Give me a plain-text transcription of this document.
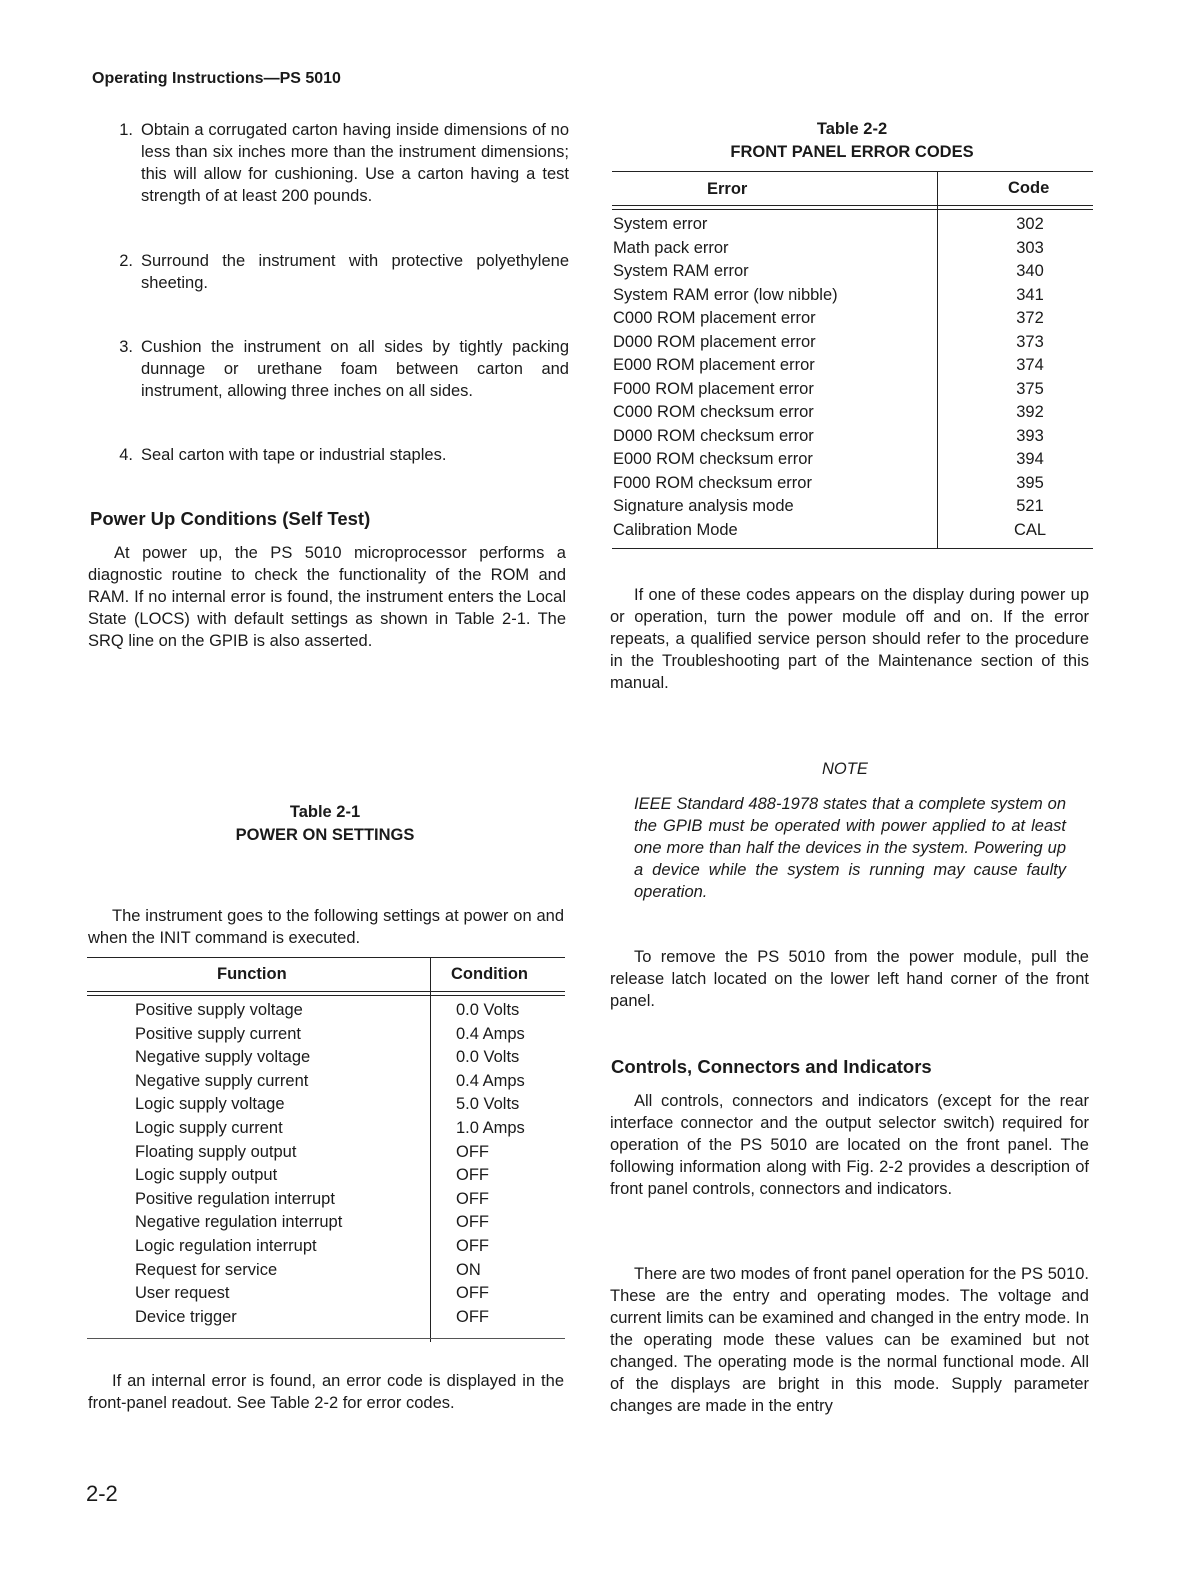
Operating Instructions—PS 5010
1. Obtain a corrugated carton having inside dimensions of no less than six inches more than the instrument dimensions; this will allow for cushioning. Use a carton having a test strength of at least 200 pounds.
2. Surround the instrument with protective polyethylene sheeting.
3. Cushion the instrument on all sides by tightly packing dunnage or urethane foam between carton and instrument, allowing three inches on all sides.
4. Seal carton with tape or industrial staples.
Power Up Conditions (Self Test)
At power up, the PS 5010 microprocessor performs a diagnostic routine to check the functionality of the ROM and RAM. If no internal error is found, the instrument enters the Local State (LOCS) with default settings as shown in Table 2-1. The SRQ line on the GPIB is also asserted.
Table 2-1
POWER ON SETTINGS
The instrument goes to the following settings at power on and when the INIT command is executed.
Function	Condition
Positive supply voltage	0.0 Volts
Positive supply current	0.4 Amps
Negative supply voltage	0.0 Volts
Negative supply current	0.4 Amps
Logic supply voltage	5.0 Volts
Logic supply current	1.0 Amps
Floating supply output	OFF
Logic supply output	OFF
Positive regulation interrupt	OFF
Negative regulation interrupt	OFF
Logic regulation interrupt	OFF
Request for service	ON
User request	OFF
Device trigger	OFF
If an internal error is found, an error code is displayed in the front-panel readout. See Table 2-2 for error codes.
Table 2-2
FRONT PANEL ERROR CODES
Error	Code
System error	302
Math pack error	303
System RAM error	340
System RAM error (low nibble)	341
C000 ROM placement error	372
D000 ROM placement error	373
E000 ROM placement error	374
F000 ROM placement error	375
C000 ROM checksum error	392
D000 ROM checksum error	393
E000 ROM checksum error	394
F000 ROM checksum error	395
Signature analysis mode	521
Calibration Mode	CAL
If one of these codes appears on the display during power up or operation, turn the power module off and on. If the error repeats, a qualified service person should refer to the procedure in the Troubleshooting part of the Maintenance section of this manual.
NOTE
IEEE Standard 488-1978 states that a complete system on the GPIB must be operated with power applied to at least one more than half the devices in the system. Powering up a device while the system is running may cause faulty operation.
To remove the PS 5010 from the power module, pull the release latch located on the lower left hand corner of the front panel.
Controls, Connectors and Indicators
All controls, connectors and indicators (except for the rear interface connector and the output selector switch) required for operation of the PS 5010 are located on the front panel. The following information along with Fig. 2-2 provides a description of front panel controls, connectors and indicators.
There are two modes of front panel operation for the PS 5010. These are the entry and operating modes. The voltage and current limits can be examined and changed in the entry mode. In the operating mode these values can be examined but not changed. The operating mode is the normal functional mode. All of the displays are bright in this mode. Supply parameter changes are made in the entry
2-2
